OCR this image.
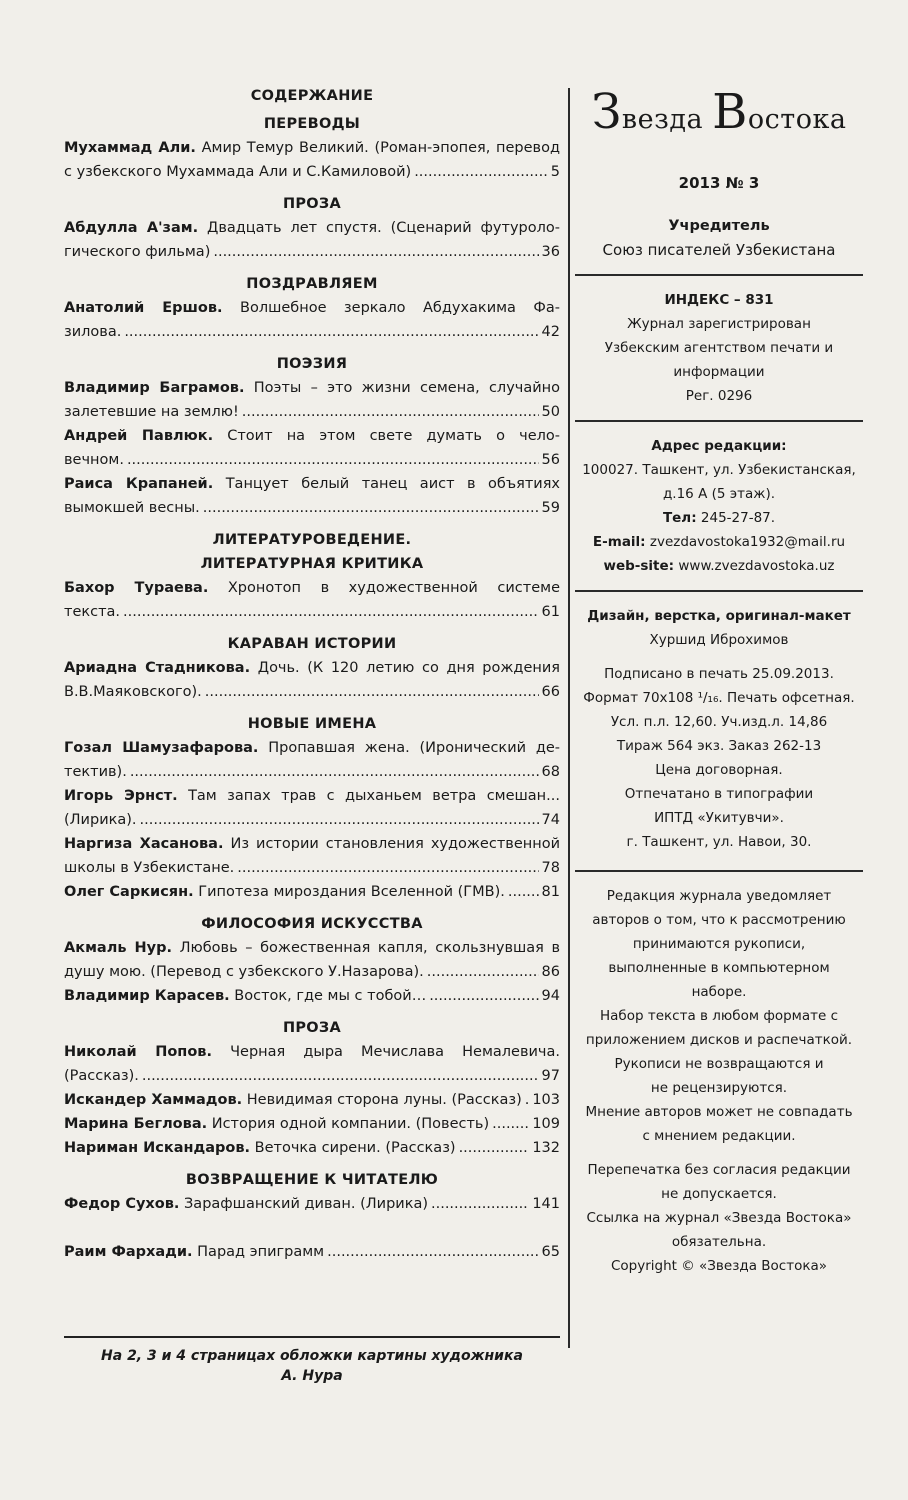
СОДЕРЖАНИЕ
ПЕРЕВОДЫ
Мухаммад Али. Амир Темур Великий. (Роман-эпопея, перевод
с узбекского Мухаммада Али и С.Камиловой) .....	5
ПРОЗА
Абдулла А'зам. Двадцать лет спустя. (Сценарий футуроло-
гического фильма) .....	36
ПОЗДРАВЛЯЕМ
Анатолий Ершов. Волшебное зеркало Абдухакима Фа-
зилова. .....	42
ПОЭЗИЯ
Владимир Баграмов. Поэты – это жизни семена, случайно
залетевшие на землю! .....	50
Андрей Павлюк. Стоит на этом свете думать о чело-
вечном. .....	56
Раиса Крапаней. Танцует белый танец аист в объятиях
вымокшей весны. .....	59
ЛИТЕРАТУРОВЕДЕНИЕ.
ЛИТЕРАТУРНАЯ КРИТИКА
Бахор Тураева. Хронотоп в художественной системе
текста. .....	61
КАРАВАН ИСТОРИИ
Ариадна Стадникова. Дочь. (К 120 летию со дня рождения
В.В.Маяковского). .....	66
НОВЫЕ ИМЕНА
Гозал Шамузафарова. Пропавшая жена. (Иронический де-
тектив). .....	68
Игорь Эрнст. Там запах трав с дыханьем ветра смешан...
(Лирика). .....	74
Наргиза Хасанова. Из истории становления художественной
школы в Узбекистане. .....	78
Олег Саркисян. Гипотеза мироздания Вселенной (ГМВ). .....	81
ФИЛОСОФИЯ ИСКУССТВА
Акмаль Нур. Любовь – божественная капля, скользнувшая в
душу мою. (Перевод с узбекского У.Назарова). .....	86
Владимир Карасев. Восток, где мы с тобой… .....	94
ПРОЗА
Николай Попов. Черная дыра Мечислава Немалевича.
(Рассказ). .....	97
Искандер Хаммадов. Невидимая сторона луны. (Рассказ) ..... 103
Марина Беглова. История одной компании. (Повесть) .....	109
Нариман Искандаров. Веточка сирени. (Рассказ) .....	132
ВОЗВРАЩЕНИЕ К ЧИТАТЕЛЮ
Федор Сухов. Зарафшанский диван. (Лирика) .....	141
Раим Фархади. Парад эпиграмм .....	65
На 2, 3 и 4 страницах обложки картины художника
А. Нура
Звезда Востока
2013 № 3
Учредитель
Союз писателей Узбекистана

ИНДЕКС – 831

Журнал зарегистрирован

Узбекским агентством печати и

информации

Рег. 0296

Адрес редакции:

100027. Ташкент, ул. Узбекистанская,

д.16 А (5 этаж).

Тел: 245-27-87.

E-mail: zvezdavostoka1932@mail.ru

web-site: www.zvezdavostoka.uz

Дизайн, верстка, оригинал-макет

Хуршид Иброхимов

Подписано в печать 25.09.2013.

Формат 70х108 ¹/₁₆. Печать офсетная.

Усл. п.л. 12,60. Уч.изд.л. 14,86

Тираж 564 экз. Заказ 262-13

Цена договорная.

Отпечатано в типографии

ИПТД «Укитувчи».

г. Ташкент, ул. Навои, 30.

Редакция журнала уведомляет

авторов о том, что к рассмотрению

принимаются рукописи,

выполненные в компьютерном

наборе.

Набор текста в любом формате с

приложением дисков и распечаткой.

Рукописи не возвращаются и

не рецензируются.

Мнение авторов может не совпадать

с мнением редакции.

Перепечатка без согласия редакции

не допускается.

Ссылка на журнал «Звезда Востока»

обязательна.

Copyright © «Звезда Востока»
